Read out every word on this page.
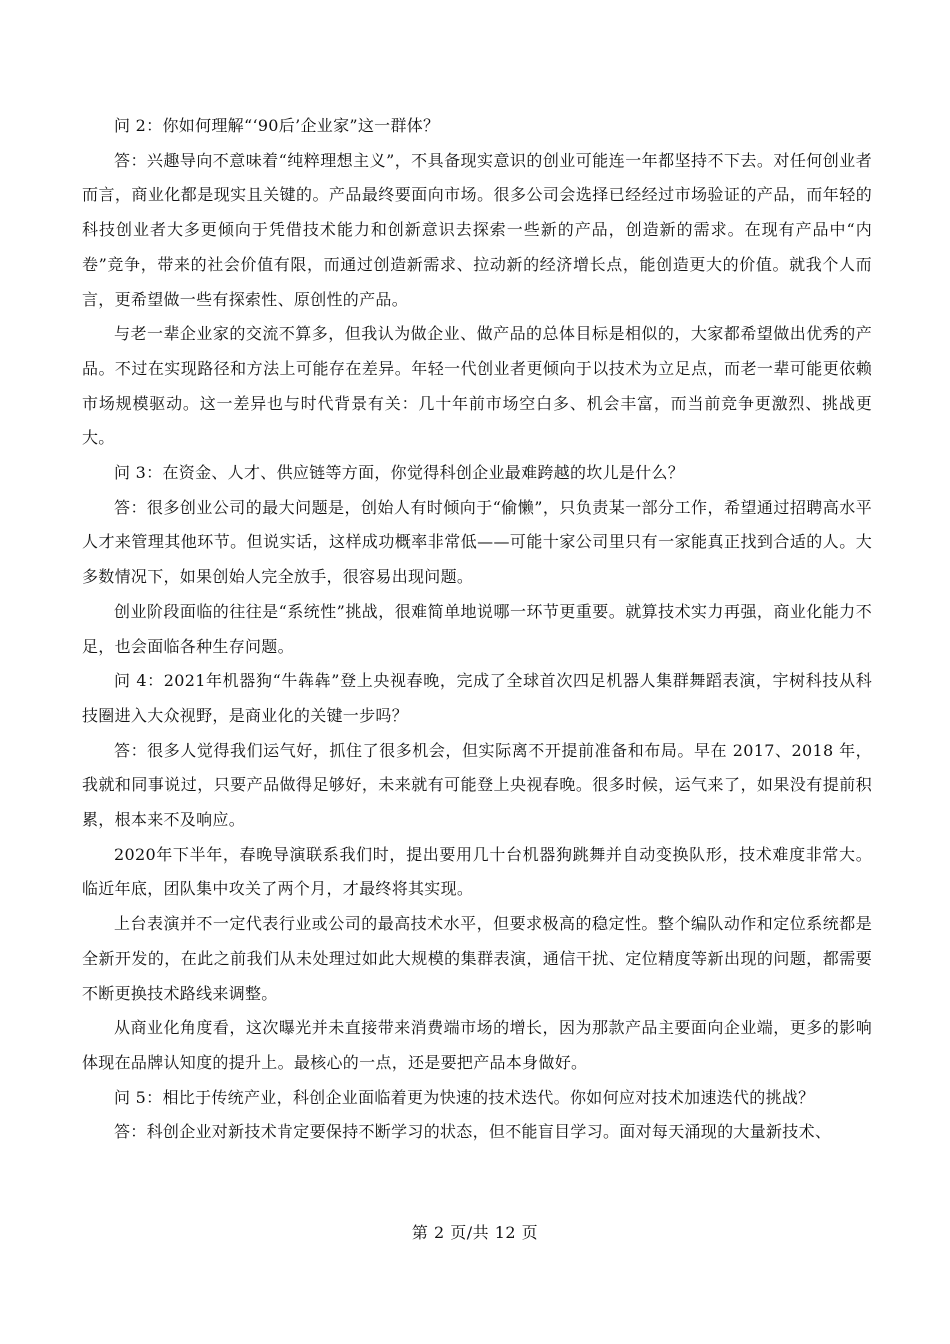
问 2：你如何理解“‘90后’企业家”这一群体？

答：兴趣导向不意味着“纯粹理想主义”，不具备现实意识的创业可能连一年都坚持不下去。对任何创业者而言，商业化都是现实且关键的。产品最终要面向市场。很多公司会选择已经经过市场验证的产品，而年轻的科技创业者大多更倾向于凭借技术能力和创新意识去探索一些新的产品，创造新的需求。在现有产品中“内卷”竞争，带来的社会价值有限，而通过创造新需求、拉动新的经济增长点，能创造更大的价值。就我个人而言，更希望做一些有探索性、原创性的产品。

与老一辈企业家的交流不算多，但我认为做企业、做产品的总体目标是相似的，大家都希望做出优秀的产品。不过在实现路径和方法上可能存在差异。年轻一代创业者更倾向于以技术为立足点，而老一辈可能更依赖市场规模驱动。这一差异也与时代背景有关：几十年前市场空白多、机会丰富，而当前竞争更激烈、挑战更大。

问 3：在资金、人才、供应链等方面，你觉得科创企业最难跨越的坎儿是什么？

答：很多创业公司的最大问题是，创始人有时倾向于“偷懒”，只负责某一部分工作，希望通过招聘高水平人才来管理其他环节。但说实话，这样成功概率非常低——可能十家公司里只有一家能真正找到合适的人。大多数情况下，如果创始人完全放手，很容易出现问题。

创业阶段面临的往往是“系统性”挑战，很难简单地说哪一环节更重要。就算技术实力再强，商业化能力不足，也会面临各种生存问题。

问 4：2021年机器狗“牛犇犇”登上央视春晚，完成了全球首次四足机器人集群舞蹈表演，宇树科技从科技圈进入大众视野，是商业化的关键一步吗？

答：很多人觉得我们运气好，抓住了很多机会，但实际离不开提前准备和布局。早在 2017、2018 年，我就和同事说过，只要产品做得足够好，未来就有可能登上央视春晚。很多时候，运气来了，如果没有提前积累，根本来不及响应。

2020年下半年，春晚导演联系我们时，提出要用几十台机器狗跳舞并自动变换队形，技术难度非常大。临近年底，团队集中攻关了两个月，才最终将其实现。

上台表演并不一定代表行业或公司的最高技术水平，但要求极高的稳定性。整个编队动作和定位系统都是全新开发的，在此之前我们从未处理过如此大规模的集群表演，通信干扰、定位精度等新出现的问题，都需要不断更换技术路线来调整。

从商业化角度看，这次曝光并未直接带来消费端市场的增长，因为那款产品主要面向企业端，更多的影响体现在品牌认知度的提升上。最核心的一点，还是要把产品本身做好。

问 5：相比于传统产业，科创企业面临着更为快速的技术迭代。你如何应对技术加速迭代的挑战？

答：科创企业对新技术肯定要保持不断学习的状态，但不能盲目学习。面对每天涌现的大量新技术、

第 2 页/共 12 页
